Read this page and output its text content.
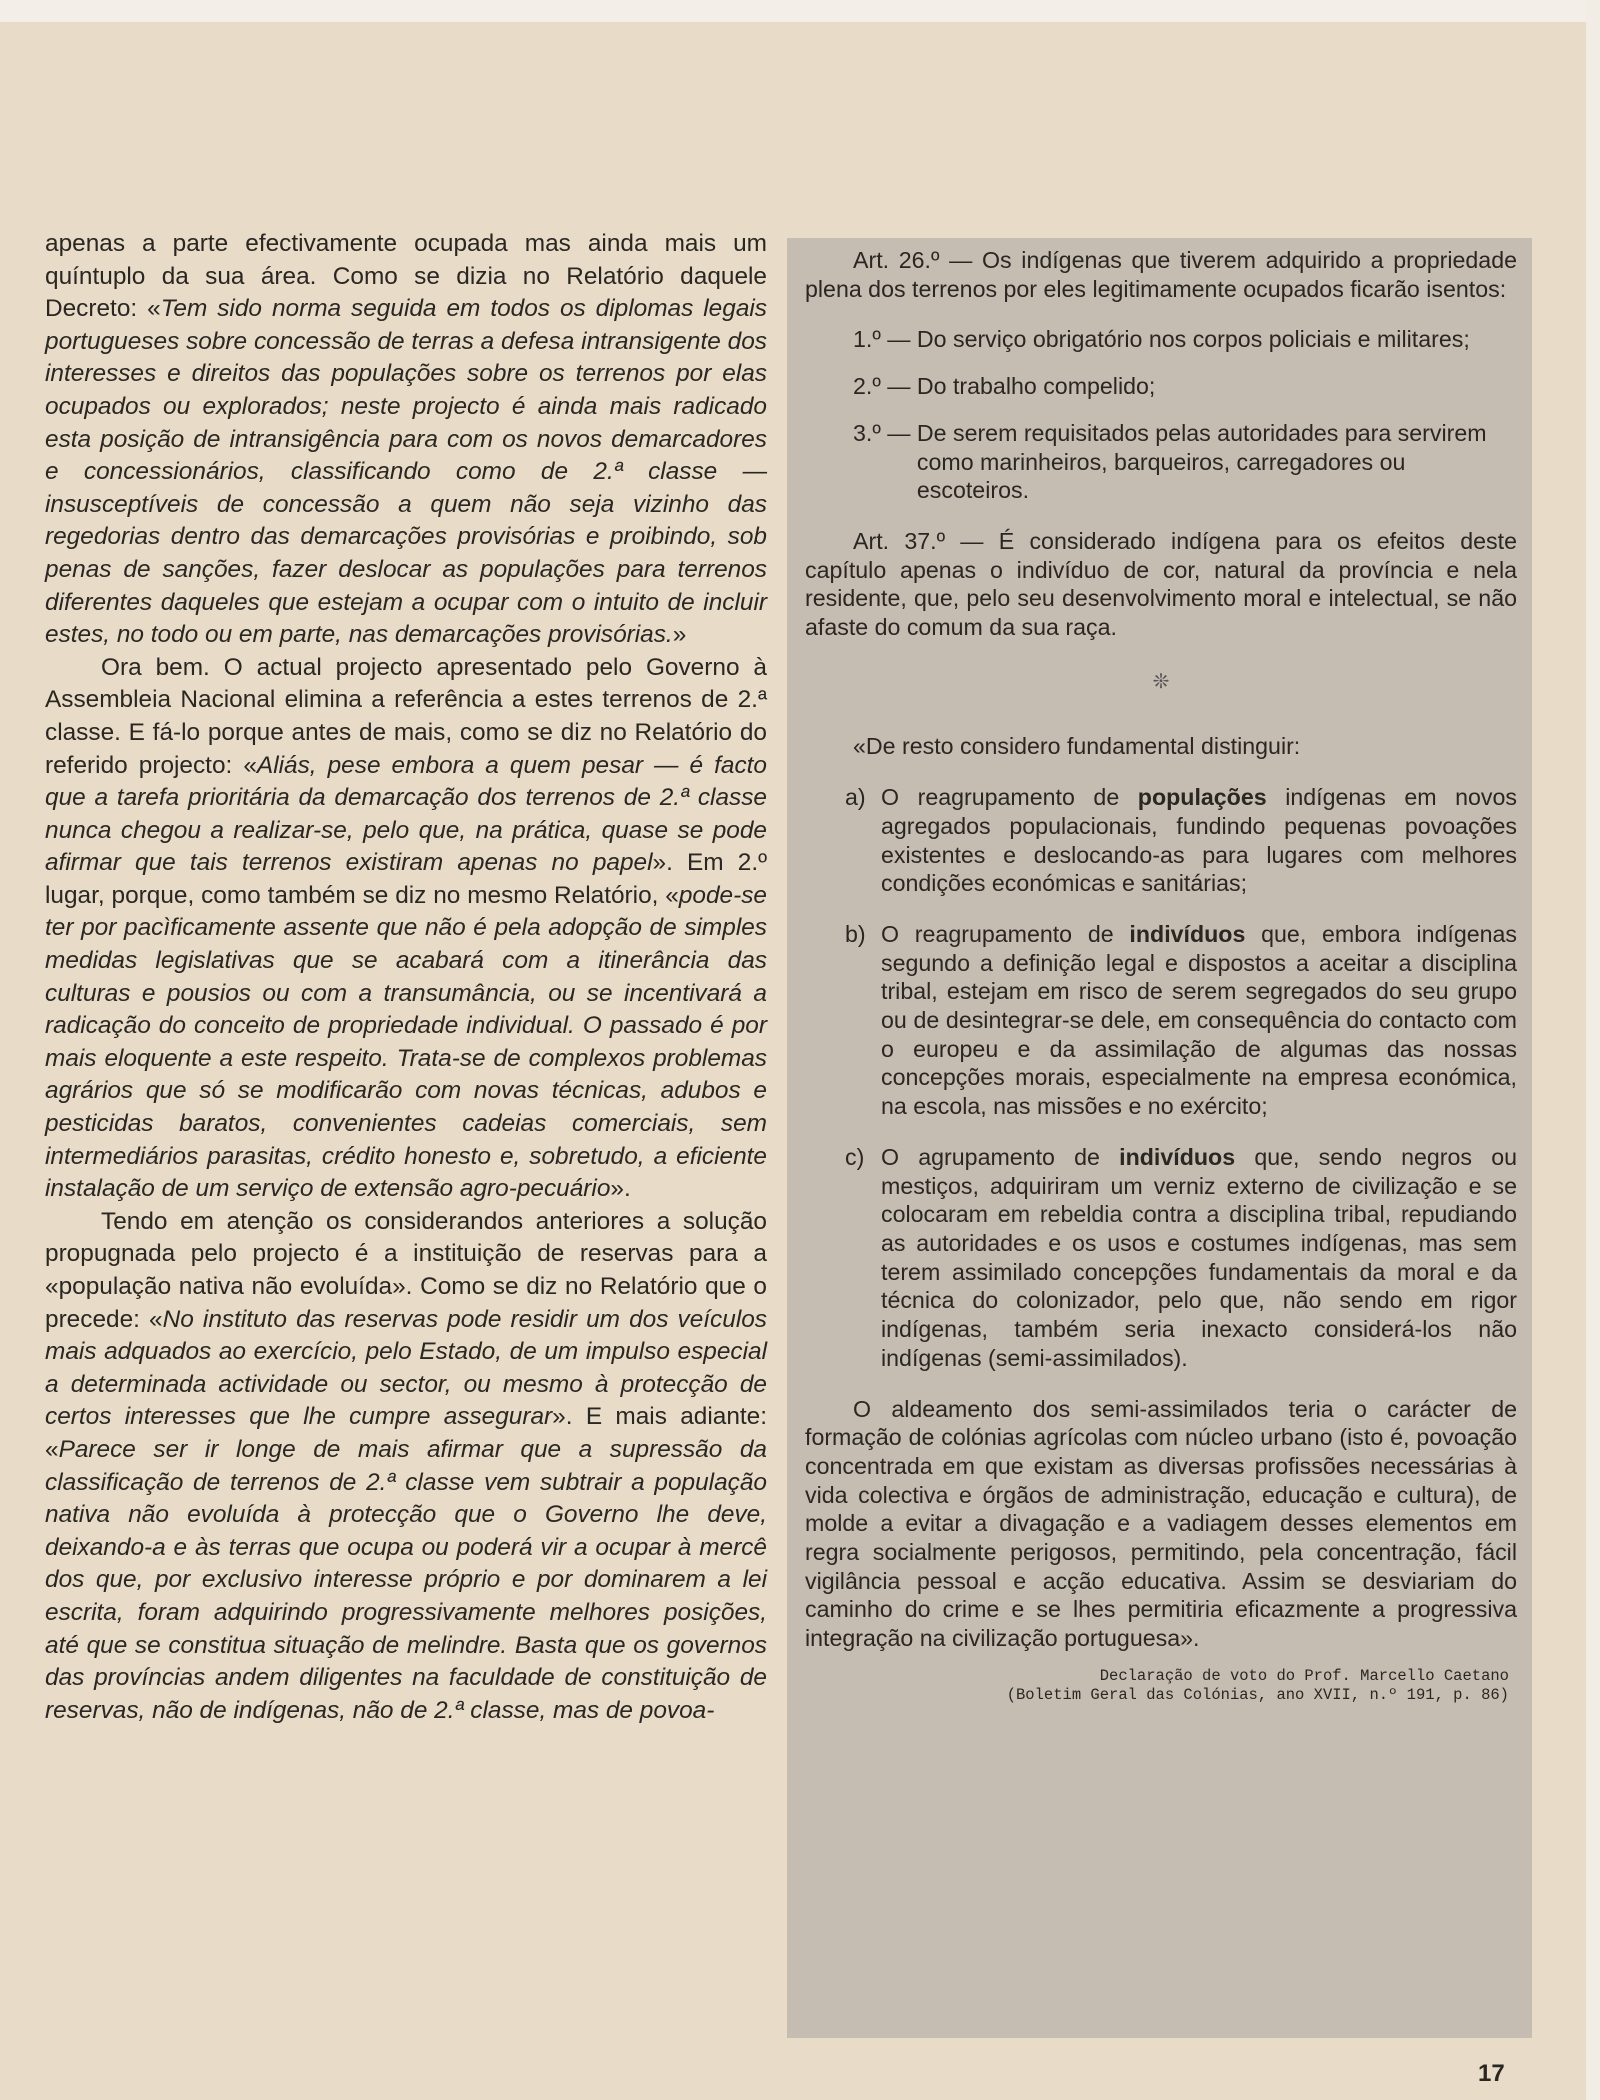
apenas a parte efectivamente ocupada mas ainda mais um quíntuplo da sua área. Como se dizia no Relatório daquele Decreto: «Tem sido norma seguida em todos os diplomas legais portugueses sobre concessão de terras a defesa intransigente dos interesses e direitos das populações sobre os terrenos por elas ocupados ou explorados; neste projecto é ainda mais radicado esta posição de intransigência para com os novos demarcadores e concessionários, classificando como de 2.ª classe — insusceptíveis de concessão a quem não seja vizinho das regedorias dentro das demarcações provisórias e proibindo, sob penas de sanções, fazer deslocar as populações para terrenos diferentes daqueles que estejam a ocupar com o intuito de incluir estes, no todo ou em parte, nas demarcações provisórias.»

Ora bem. O actual projecto apresentado pelo Governo à Assembleia Nacional elimina a referência a estes terrenos de 2.ª classe. E fá-lo porque antes de mais, como se diz no Relatório do referido projecto: «Aliás, pese embora a quem pesar — é facto que a tarefa prioritária da demarcação dos terrenos de 2.ª classe nunca chegou a realizar-se, pelo que, na prática, quase se pode afirmar que tais terrenos existiram apenas no papel». Em 2.º lugar, porque, como também se diz no mesmo Relatório, «pode-se ter por pacìficamente assente que não é pela adopção de simples medidas legislativas que se acabará com a itinerância das culturas e pousios ou com a transumância, ou se incentivará a radicação do conceito de propriedade individual. O passado é por mais eloquente a este respeito. Trata-se de complexos problemas agrários que só se modificarão com novas técnicas, adubos e pesticidas baratos, convenientes cadeias comerciais, sem intermediários parasitas, crédito honesto e, sobretudo, a eficiente instalação de um serviço de extensão agro-pecuário».

Tendo em atenção os considerandos anteriores a solução propugnada pelo projecto é a instituição de reservas para a «população nativa não evoluída». Como se diz no Relatório que o precede: «No instituto das reservas pode residir um dos veículos mais adquados ao exercício, pelo Estado, de um impulso especial a determinada actividade ou sector, ou mesmo à protecção de certos interesses que lhe cumpre assegurar». E mais adiante: «Parece ser ir longe de mais afirmar que a supressão da classificação de terrenos de 2.ª classe vem subtrair a população nativa não evoluída à protecção que o Governo lhe deve, deixando-a e às terras que ocupa ou poderá vir a ocupar à mercê dos que, por exclusivo interesse próprio e por dominarem a lei escrita, foram adquirindo progressivamente melhores posições, até que se constitua situação de melindre. Basta que os governos das províncias andem diligentes na faculdade de constituição de reservas, não de indígenas, não de 2.ª classe, mas de povoa-

Art. 26.º — Os indígenas que tiverem adquirido a propriedade plena dos terrenos por eles legitimamente ocupados ficarão isentos:

1.º — Do serviço obrigatório nos corpos policiais e militares;
2.º — Do trabalho compelido;
3.º — De serem requisitados pelas autoridades para servirem como marinheiros, barqueiros, carregadores ou escoteiros.

Art. 37.º — É considerado indígena para os efeitos deste capítulo apenas o indivíduo de cor, natural da província e nela residente, que, pelo seu desenvolvimento moral e intelectual, se não afaste do comum da sua raça.

❊

«De resto considero fundamental distinguir:

a) O reagrupamento de populações indígenas em novos agregados populacionais, fundindo pequenas povoações existentes e deslocando-as para lugares com melhores condições económicas e sanitárias;
b) O reagrupamento de indivíduos que, embora indígenas segundo a definição legal e dispostos a aceitar a disciplina tribal, estejam em risco de serem segregados do seu grupo ou de desintegrar-se dele, em consequência do contacto com o europeu e da assimilação de algumas das nossas concepções morais, especialmente na empresa económica, na escola, nas missões e no exército;
c) O agrupamento de indivíduos que, sendo negros ou mestiços, adquiriram um verniz externo de civilização e se colocaram em rebeldia contra a disciplina tribal, repudiando as autoridades e os usos e costumes indígenas, mas sem terem assimilado concepções fundamentais da moral e da técnica do colonizador, pelo que, não sendo em rigor indígenas, também seria inexacto considerá-los não indígenas (semi-assimilados).

O aldeamento dos semi-assimilados teria o carácter de formação de colónias agrícolas com núcleo urbano (isto é, povoação concentrada em que existam as diversas profissões necessárias à vida colectiva e órgãos de administração, educação e cultura), de molde a evitar a divagação e a vadiagem desses elementos em regra socialmente perigosos, permitindo, pela concentração, fácil vigilância pessoal e acção educativa. Assim se desviariam do caminho do crime e se lhes permitiria eficazmente a progressiva integração na civilização portuguesa».

Declaração de voto do Prof. Marcello Caetano
(Boletim Geral das Colónias, ano XVII, n.º 191, p. 86)

17
